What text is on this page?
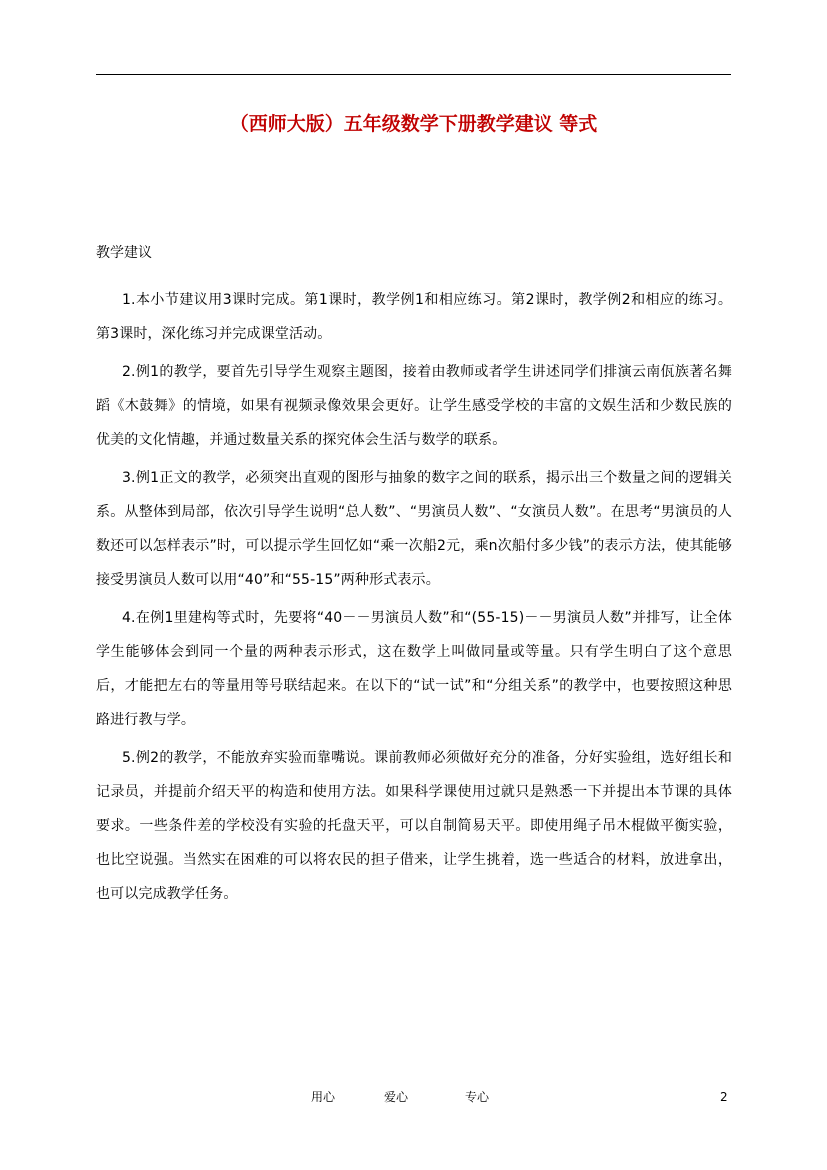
（西师大版）五年级数学下册教学建议 等式
教学建议

1.本小节建议用3课时完成。第1课时，教学例1和相应练习。第2课时，教学例2和相应的练习。第3课时，深化练习并完成课堂活动。

2.例1的教学，要首先引导学生观察主题图，接着由教师或者学生讲述同学们排演云南佤族著名舞蹈《木鼓舞》的情境，如果有视频录像效果会更好。让学生感受学校的丰富的文娱生活和少数民族的优美的文化情趣，并通过数量关系的探究体会生活与数学的联系。

3.例1正文的教学，必须突出直观的图形与抽象的数字之间的联系，揭示出三个数量之间的逻辑关系。从整体到局部，依次引导学生说明“总人数”、“男演员人数”、“女演员人数”。在思考“男演员的人数还可以怎样表示”时，可以提示学生回忆如“乘一次船2元，乘n次船付多少钱”的表示方法，使其能够接受男演员人数可以用“40”和“55-15”两种形式表示。

4.在例1里建构等式时，先要将“40－－男演员人数”和“(55-15)－－男演员人数”并排写，让全体学生能够体会到同一个量的两种表示形式，这在数学上叫做同量或等量。只有学生明白了这个意思后，才能把左右的等量用等号联结起来。在以下的“试一试”和“分组关系”的教学中，也要按照这种思路进行教与学。

5.例2的教学，不能放弃实验而靠嘴说。课前教师必须做好充分的准备，分好实验组，选好组长和记录员，并提前介绍天平的构造和使用方法。如果科学课使用过就只是熟悉一下并提出本节课的具体要求。一些条件差的学校没有实验的托盘天平，可以自制简易天平。即使用绳子吊木棍做平衡实验，也比空说强。当然实在困难的可以将农民的担子借来，让学生挑着，选一些适合的材料，放进拿出，也可以完成教学任务。

用心	爱心	专心	2
